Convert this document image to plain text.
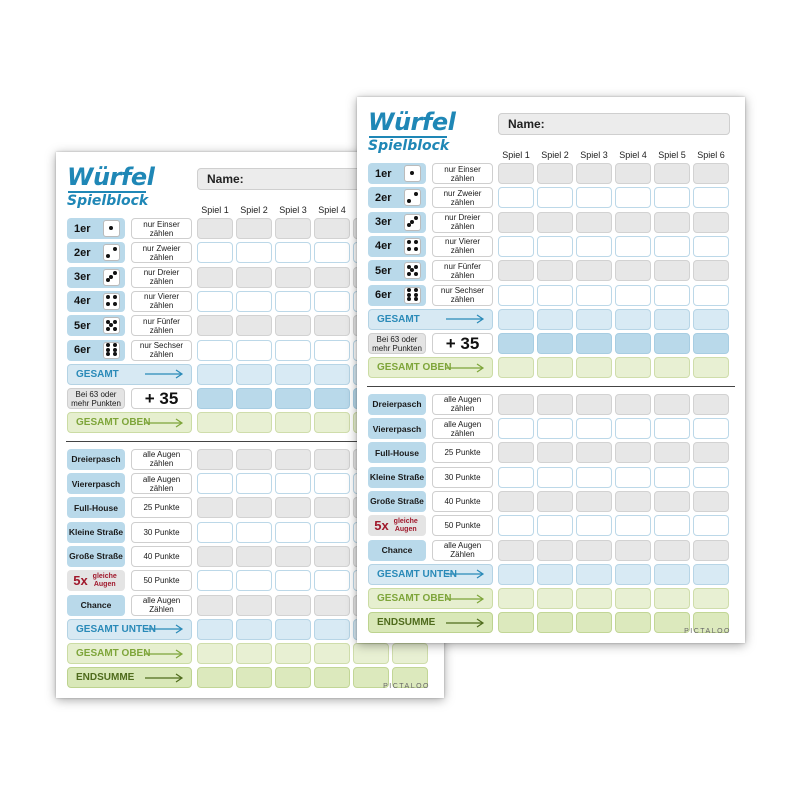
Würfel
Spielblock
Name:
Spiel 1	Spiel 2	Spiel 3	Spiel 4
1er	nur Einser zählen
2er	nur Zweier zählen
3er	nur Dreier zählen
4er	nur Vierer zählen
5er	nur Fünfer zählen
6er	nur Sechser zählen
GESAMT
Bei 63 oder mehr Punkten	+ 35
GESAMT OBEN
Dreierpasch	alle Augen zählen
Viererpasch	alle Augen zählen
Full-House	25 Punkte
Kleine Straße	30 Punkte
Große Straße	40 Punkte
5x gleiche Augen	50 Punkte
Chance	alle Augen Zählen
GESAMT UNTEN
GESAMT OBEN
ENDSUMME
PICTALOO
Würfel
Spielblock
Name:
Spiel 1	Spiel 2	Spiel 3	Spiel 4	Spiel 5	Spiel 6
1er	nur Einser zählen
2er	nur Zweier zählen
3er	nur Dreier zählen
4er	nur Vierer zählen
5er	nur Fünfer zählen
6er	nur Sechser zählen
GESAMT
Bei 63 oder mehr Punkten	+ 35
GESAMT OBEN
Dreierpasch	alle Augen zählen
Viererpasch	alle Augen zählen
Full-House	25 Punkte
Kleine Straße	30 Punkte
Große Straße	40 Punkte
5x gleiche Augen	50 Punkte
Chance	alle Augen Zählen
GESAMT UNTEN
GESAMT OBEN
ENDSUMME
PICTALOO
